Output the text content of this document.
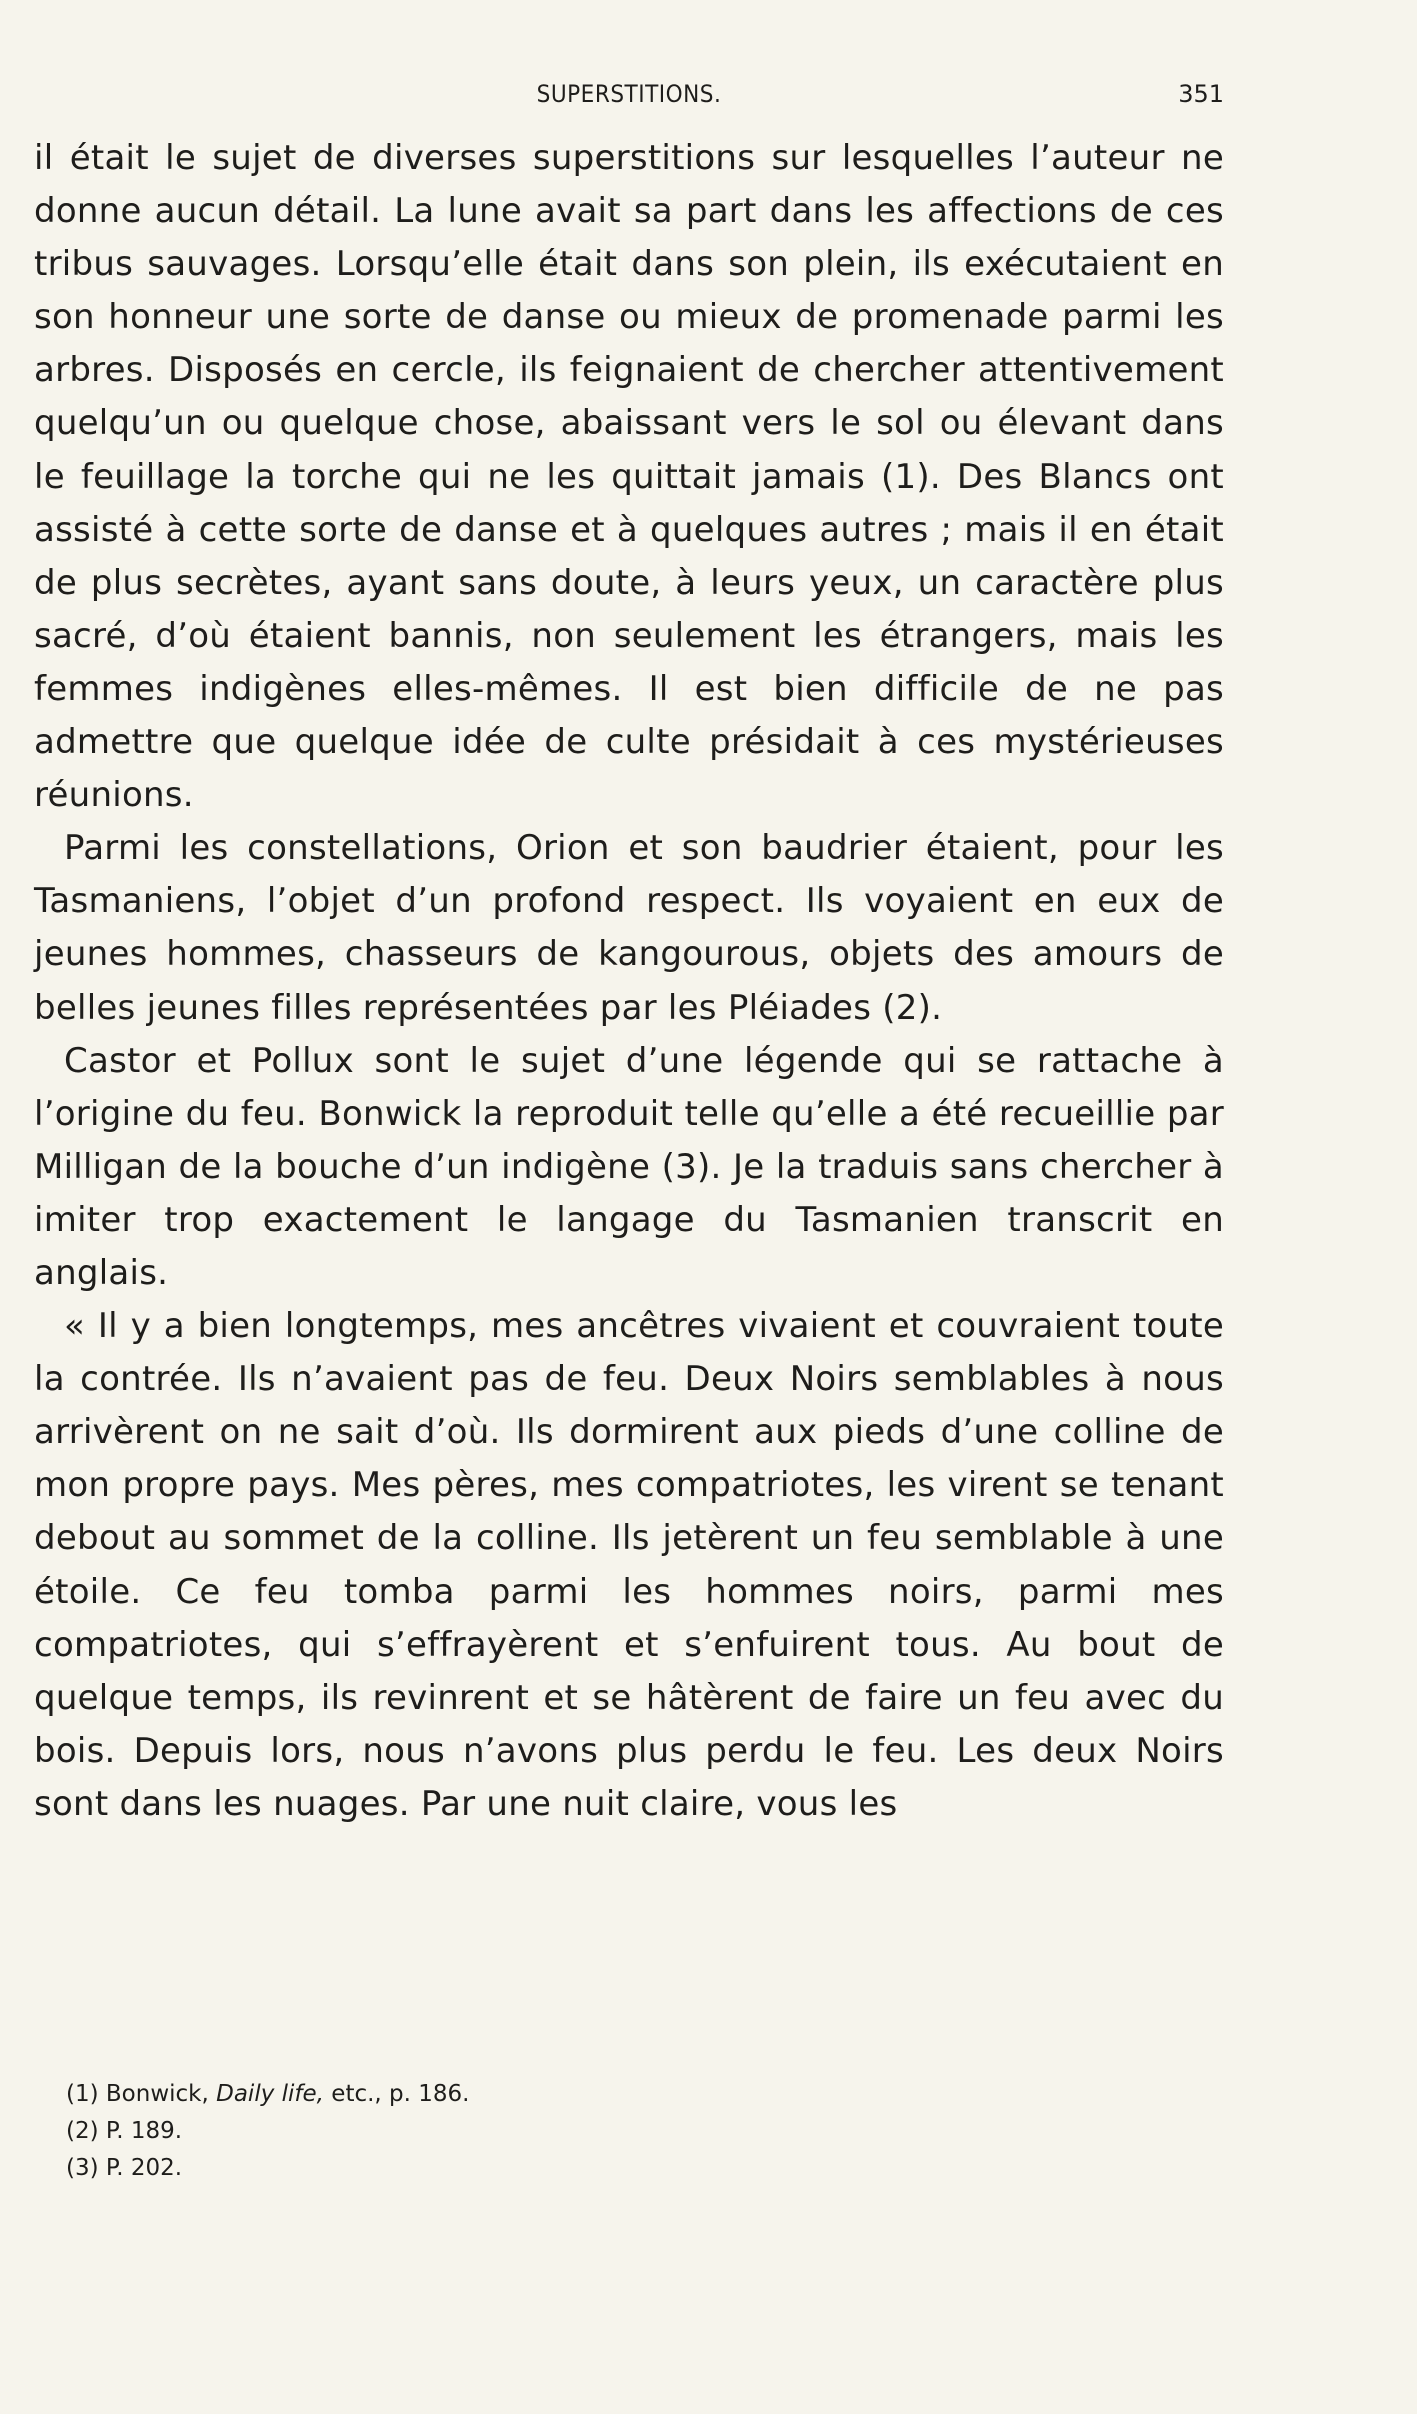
SUPERSTITIONS.	351

il était le sujet de diverses superstitions sur lesquelles l’auteur ne donne aucun détail. La lune avait sa part dans les affections de ces tribus sauvages. Lorsqu’elle était dans son plein, ils exécutaient en son honneur une sorte de danse ou mieux de promenade parmi les arbres. Disposés en cercle, ils feignaient de chercher attentivement quelqu’un ou quelque chose, abaissant vers le sol ou élevant dans le feuillage la torche qui ne les quittait jamais (1). Des Blancs ont assisté à cette sorte de danse et à quelques autres ; mais il en était de plus secrètes, ayant sans doute, à leurs yeux, un caractère plus sacré, d’où étaient bannis, non seulement les étrangers, mais les femmes indigènes elles-mêmes. Il est bien difficile de ne pas admettre que quelque idée de culte présidait à ces mystérieuses réunions.

Parmi les constellations, Orion et son baudrier étaient, pour les Tasmaniens, l’objet d’un profond respect. Ils voyaient en eux de jeunes hommes, chasseurs de kangourous, objets des amours de belles jeunes filles représentées par les Pléiades (2).

Castor et Pollux sont le sujet d’une légende qui se rattache à l’origine du feu. Bonwick la reproduit telle qu’elle a été recueillie par Milligan de la bouche d’un indigène (3). Je la traduis sans chercher à imiter trop exactement le langage du Tasmanien transcrit en anglais.

« Il y a bien longtemps, mes ancêtres vivaient et couvraient toute la contrée. Ils n’avaient pas de feu. Deux Noirs semblables à nous arrivèrent on ne sait d’où. Ils dormirent aux pieds d’une colline de mon propre pays. Mes pères, mes compatriotes, les virent se tenant debout au sommet de la colline. Ils jetèrent un feu semblable à une étoile. Ce feu tomba parmi les hommes noirs, parmi mes compatriotes, qui s’effrayèrent et s’enfuirent tous. Au bout de quelque temps, ils revinrent et se hâtèrent de faire un feu avec du bois. Depuis lors, nous n’avons plus perdu le feu. Les deux Noirs sont dans les nuages. Par une nuit claire, vous les

(1) Bonwick, Daily life, etc., p. 186.
(2) P. 189.
(3) P. 202.
